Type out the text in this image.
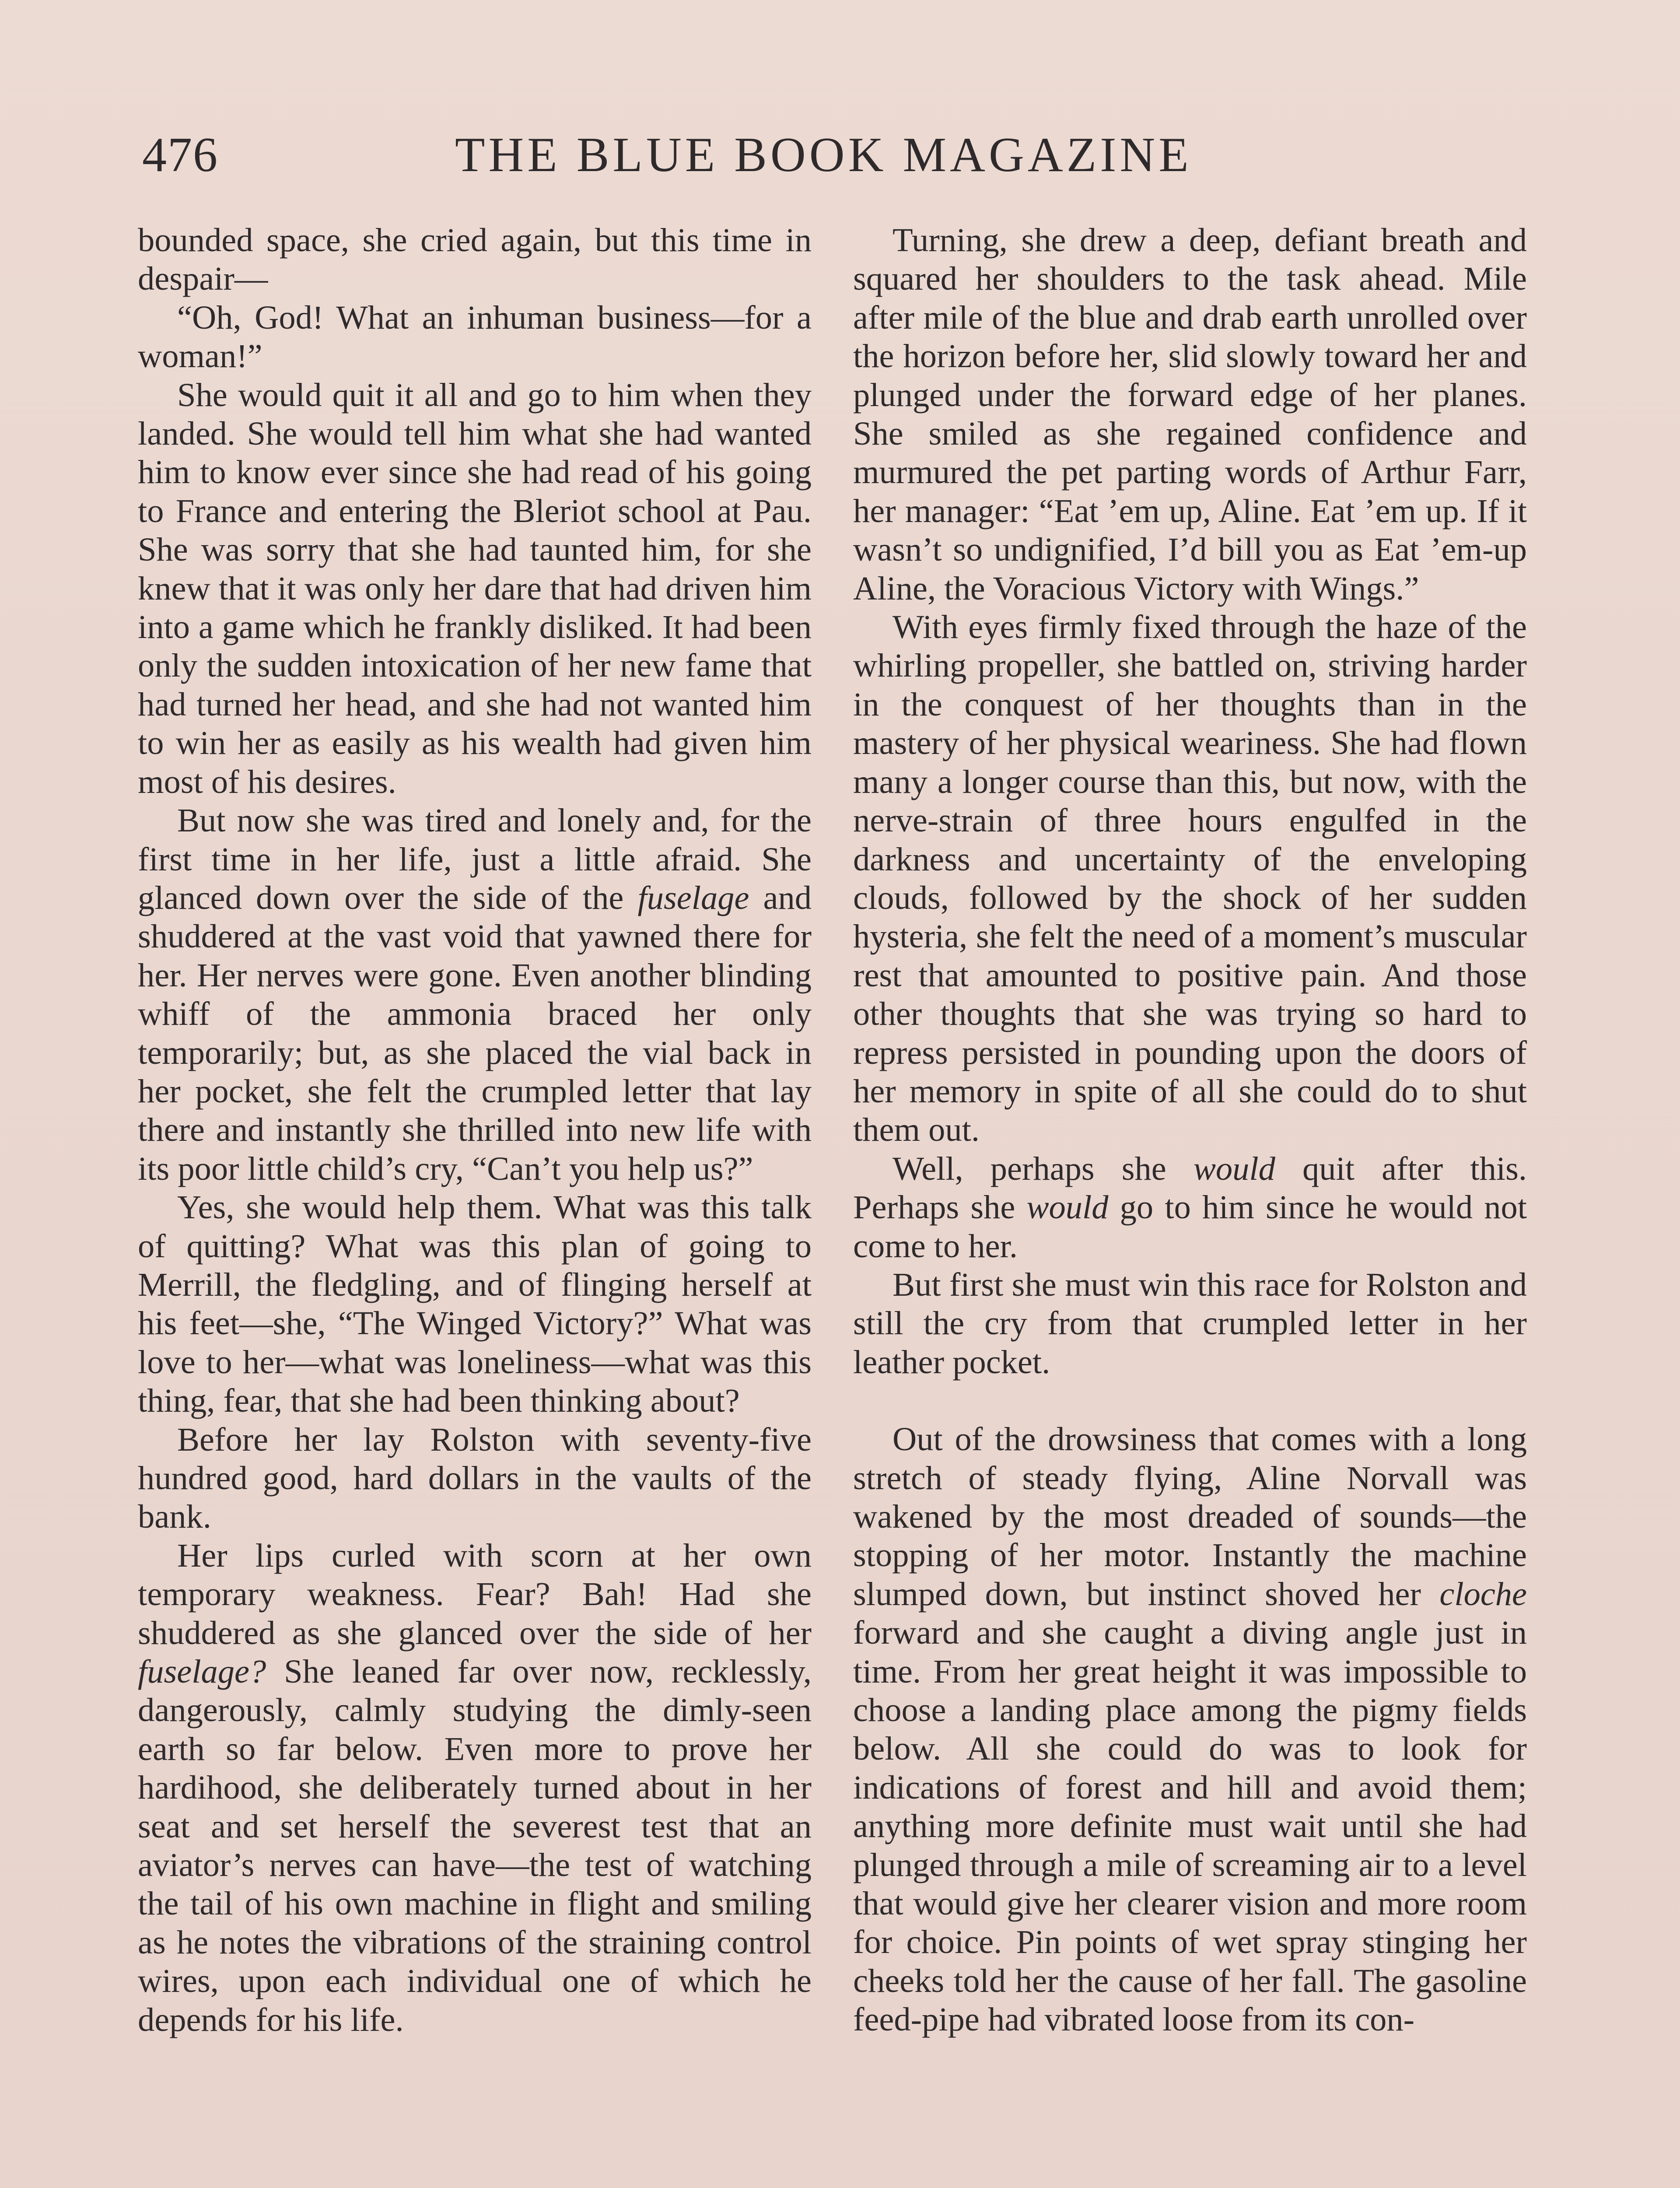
476	THE BLUE BOOK MAGAZINE

bounded space, she cried again, but this time in despair—

“Oh, God! What an inhuman business—for a woman!”

She would quit it all and go to him when they landed. She would tell him what she had wanted him to know ever since she had read of his going to France and entering the Bleriot school at Pau. She was sorry that she had taunted him, for she knew that it was only her dare that had driven him into a game which he frankly disliked. It had been only the sudden intoxication of her new fame that had turned her head, and she had not wanted him to win her as easily as his wealth had given him most of his desires.

But now she was tired and lonely and, for the first time in her life, just a little afraid. She glanced down over the side of the fuselage and shuddered at the vast void that yawned there for her. Her nerves were gone. Even another blinding whiff of the ammonia braced her only temporarily; but, as she placed the vial back in her pocket, she felt the crumpled letter that lay there and instantly she thrilled into new life with its poor little child’s cry, “Can’t you help us?”

Yes, she would help them. What was this talk of quitting? What was this plan of going to Merrill, the fledgling, and of flinging herself at his feet—she, “The Winged Victory?” What was love to her—what was loneliness—what was this thing, fear, that she had been thinking about?

Before her lay Rolston with seventy-five hundred good, hard dollars in the vaults of the bank.

Her lips curled with scorn at her own temporary weakness. Fear? Bah! Had she shuddered as she glanced over the side of her fuselage? She leaned far over now, recklessly, dangerously, calmly studying the dimly-seen earth so far below. Even more to prove her hardihood, she deliberately turned about in her seat and set herself the severest test that an aviator’s nerves can have—the test of watching the tail of his own machine in flight and smiling as he notes the vibrations of the straining control wires, upon each individual one of which he depends for his life.

Turning, she drew a deep, defiant breath and squared her shoulders to the task ahead. Mile after mile of the blue and drab earth unrolled over the horizon before her, slid slowly toward her and plunged under the forward edge of her planes. She smiled as she regained confidence and murmured the pet parting words of Arthur Farr, her manager: “Eat ’em up, Aline. Eat ’em up. If it wasn’t so undignified, I’d bill you as Eat ’em-up Aline, the Voracious Victory with Wings.”

With eyes firmly fixed through the haze of the whirling propeller, she battled on, striving harder in the conquest of her thoughts than in the mastery of her physical weariness. She had flown many a longer course than this, but now, with the nerve-strain of three hours engulfed in the darkness and uncertainty of the enveloping clouds, followed by the shock of her sudden hysteria, she felt the need of a moment’s muscular rest that amounted to positive pain. And those other thoughts that she was trying so hard to repress persisted in pounding upon the doors of her memory in spite of all she could do to shut them out.

Well, perhaps she would quit after this. Perhaps she would go to him since he would not come to her.

But first she must win this race for Rolston and still the cry from that crumpled letter in her leather pocket.

Out of the drowsiness that comes with a long stretch of steady flying, Aline Norvall was wakened by the most dreaded of sounds—the stopping of her motor. Instantly the machine slumped down, but instinct shoved her cloche forward and she caught a diving angle just in time. From her great height it was impossible to choose a landing place among the pigmy fields below. All she could do was to look for indications of forest and hill and avoid them; anything more definite must wait until she had plunged through a mile of screaming air to a level that would give her clearer vision and more room for choice. Pin points of wet spray stinging her cheeks told her the cause of her fall. The gasoline feed-pipe had vibrated loose from its con-
